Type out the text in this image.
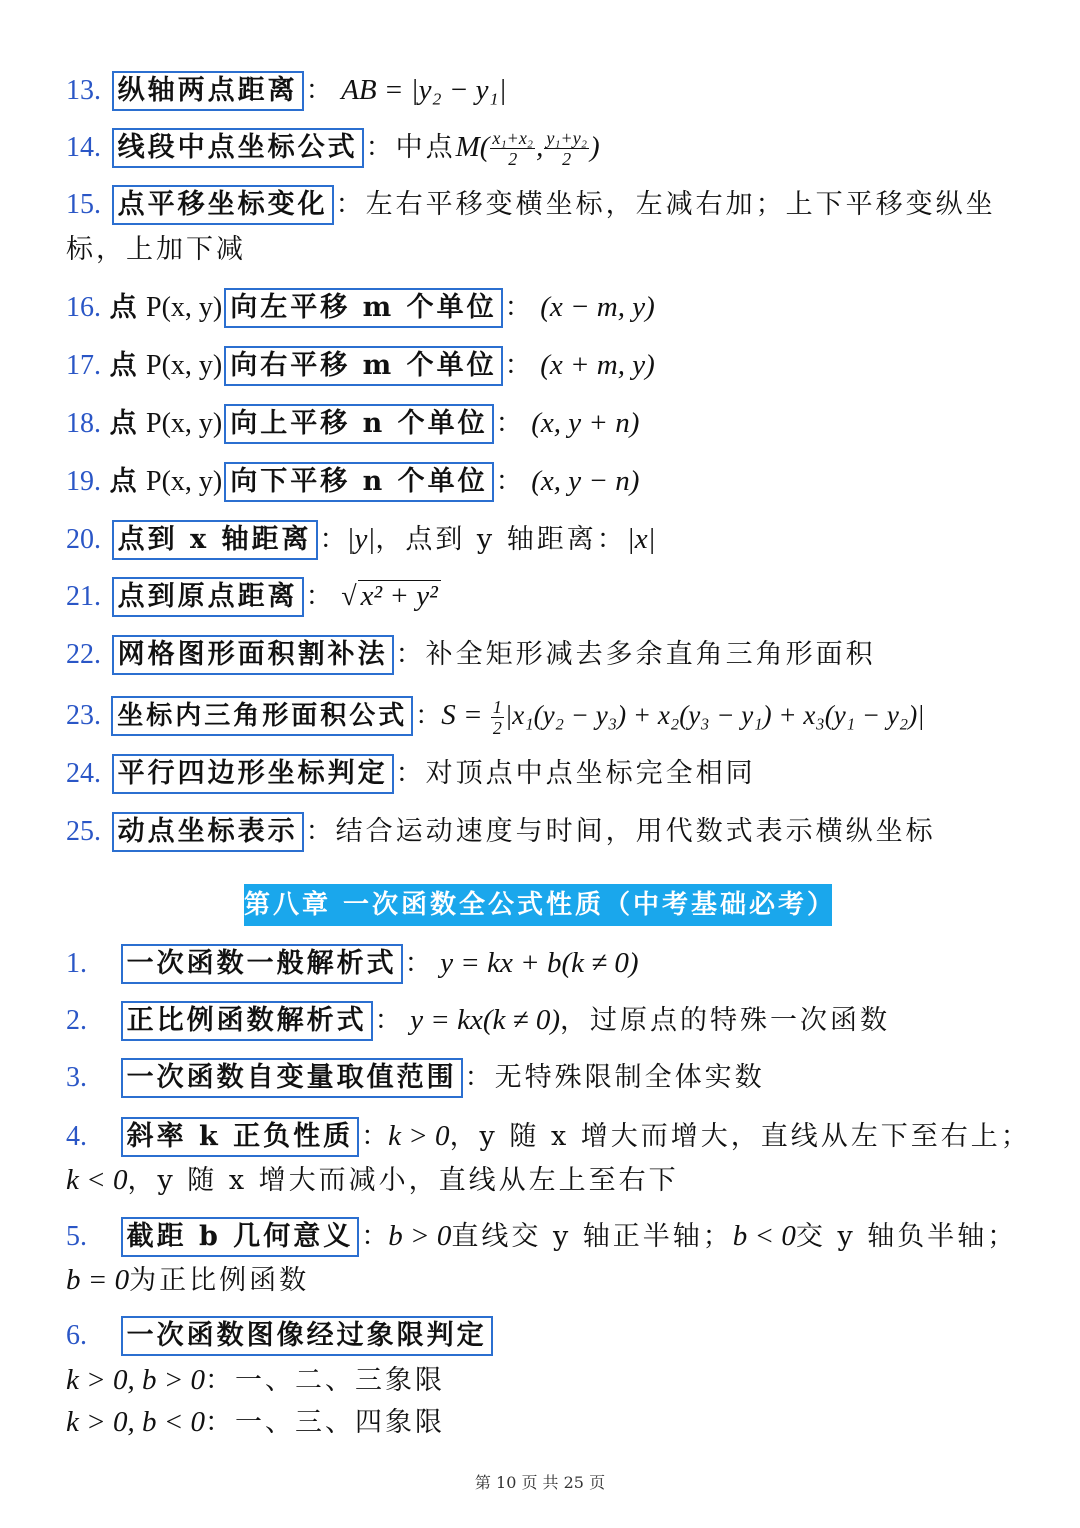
13. 纵轴两点距离 ： AB = |y₂ − y₁|
14. 线段中点坐标公式 ：中点$M( \frac{\text{x₁+x₂}}{2}$ , $\frac{\text{y₁+y₂}}{2}$ )
15. 点平移坐标变化 ：左右平移变横坐标，左减右加；上下平移变纵坐
标，上加下减
16. 点 P(x, y) 向左平移 m 个单位 ： (x − m, y)
17. 点 P(x, y) 向右平移 m 个单位 ： (x + m, y)
18. 点 P(x, y) 向上平移 n 个单位 ： (x, y + n)
19. 点 P(x, y) 向下平移 n 个单位 ： (x, y − n)
20. 点到 x 轴距离 ：|y|，点到 y 轴距离：|x|
21. 点到原点距离 ： √ x² + y²
22. 网格图形面积割补法 ：补全矩形减去多余直角三角形面积
23. 坐标内三角形面积公式 ：$S = \frac{1}{2} |x_1(y_2 - y_3) + x_2(y_3 - y_1) + x_3(y_1 - y_2)|$
24. 平行四边形坐标判定 ：对顶点中点坐标完全相同
25. 动点坐标表示 ：结合运动速度与时间，用代数式表示横纵坐标
第八章 一次函数全公式性质（中考基础必考）
1. 一次函数一般解析式 ： y = kx + b(k ≠ 0)
2. 正比例函数解析式 ： y = kx(k ≠ 0)，过原点的特殊一次函数
3. 一次函数自变量取值范围 ：无特殊限制全体实数
4. 斜率 k 正负性质 ：k > 0，y 随 x 增大而增大，直线从左下至右上；
k < 0，y 随 x 增大而减小，直线从左上至右下
5. 截距 b 几何意义 ：b > 0直线交 y 轴正半轴；b < 0交 y 轴负半轴；
b = 0为正比例函数
6. 一次函数图像经过象限判定
k > 0, b > 0：一、二、三象限
k > 0, b < 0：一、三、四象限
第 10 页 共 25 页
